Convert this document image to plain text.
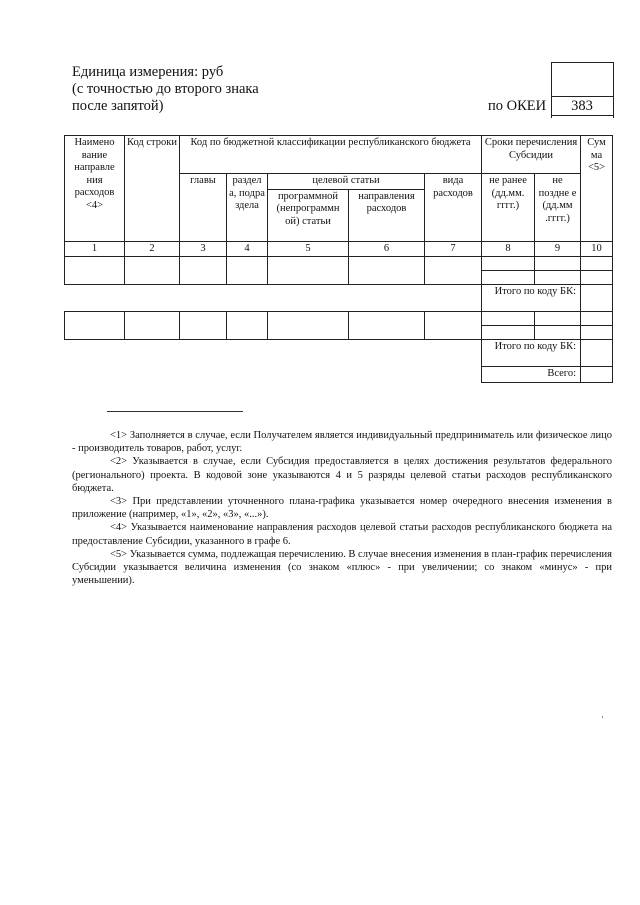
Единица измерения: руб
(с точностью до второго знака
после запятой)	по ОКЕИ	383
Наимено вание направле ния расходов <4>	Код строки	Код по бюджетной классификации республиканского бюджета					Сроки перечисления Субсидии		Сум ма <5>
		главы	раздел а, подра здела	целевой статьи		вида расходов	не ранее (дд.мм. гггг.)	не поздне е (дд.мм .гггг.)	
				программной (непрограммн ой) статьи	направления расходов				
1	2	3	4	5	6	7	8	9	10

							Итого по коду БК:		

							Итого по коду БК:		
							Всего:		

<1> Заполняется в случае, если Получателем является индивидуальный предприниматель или физическое лицо - производитель товаров, работ, услуг.

<2> Указывается в случае, если Субсидия предоставляется в целях достижения результатов федерального (регионального) проекта. В кодовой зоне указываются 4 и 5 разряды целевой статьи расходов республиканского бюджета.

<3> При представлении уточненного плана-графика указывается номер очередного внесения изменения в приложение (например, «1», «2», «3», «...»).

<4> Указывается наименование направления расходов целевой статьи расходов республиканского бюджета на предоставление Субсидии, указанного в графе 6.

<5> Указывается сумма, подлежащая перечислению. В случае внесения изменения в план-график перечисления Субсидии указывается величина изменения (со знаком «плюс» - при увеличении; со знаком «минус» - при уменьшении).
